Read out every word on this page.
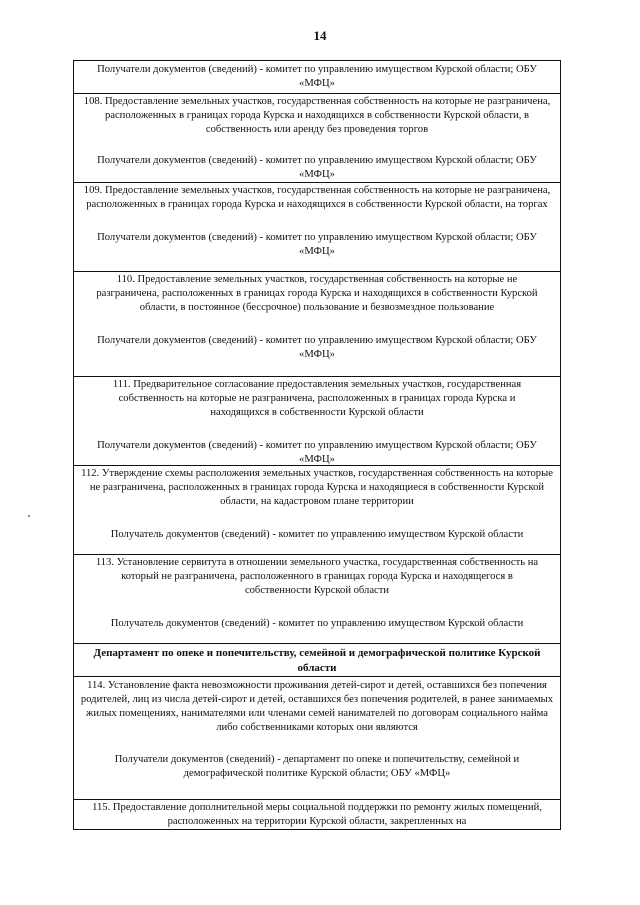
14

Получатели документов (сведений) - комитет по управлению имуществом Курской области; ОБУ «МФЦ»

108. Предоставление земельных участков, государственная собственность на которые не разграничена, расположенных в границах города Курска и находящихся в собственности Курской области, в собственность или аренду без проведения торгов

Получатели документов (сведений) - комитет по управлению имуществом Курской области; ОБУ «МФЦ»

109. Предоставление земельных участков, государственная собственность на которые не разграничена, расположенных в границах города Курска и находящихся в собственности Курской области, на торгах

Получатели документов (сведений) - комитет по управлению имуществом Курской области; ОБУ «МФЦ»

110. Предоставление земельных участков, государственная собственность на которые не разграничена, расположенных в границах города Курска и находящихся в собственности Курской области, в постоянное (бессрочное) пользование и безвозмездное пользование

Получатели документов (сведений) - комитет по управлению имуществом Курской области; ОБУ «МФЦ»

111. Предварительное согласование предоставления земельных участков, государственная собственность на которые не разграничена, расположенных в границах города Курска и находящихся в собственности Курской области

Получатели документов (сведений) - комитет по управлению имуществом Курской области; ОБУ «МФЦ»

112. Утверждение схемы расположения земельных участков, государственная собственность на которые не разграничена, расположенных в границах города Курска и находящиеся в собственности Курской области, на кадастровом плане территории

Получатель документов (сведений) - комитет по управлению имуществом Курской области

113. Установление сервитута в отношении земельного участка, государственная собственность на который не разграничена, расположенного в границах города Курска и находящегося в собственности Курской области

Получатель документов (сведений) - комитет по управлению имуществом Курской области

Департамент по опеке и попечительству, семейной и демографической политике Курской области

114. Установление факта невозможности проживания детей-сирот и детей, оставшихся без попечения родителей, лиц из числа детей-сирот и детей, оставшихся без попечения родителей, в ранее занимаемых жилых помещениях, нанимателями или членами семей нанимателей по договорам социального найма либо собственниками которых они являются

Получатели документов (сведений) - департамент по опеке и попечительству, семейной и демографической политике Курской области; ОБУ «МФЦ»

115. Предоставление дополнительной меры социальной поддержки по ремонту жилых помещений, расположенных на территории Курской области, закрепленных на
